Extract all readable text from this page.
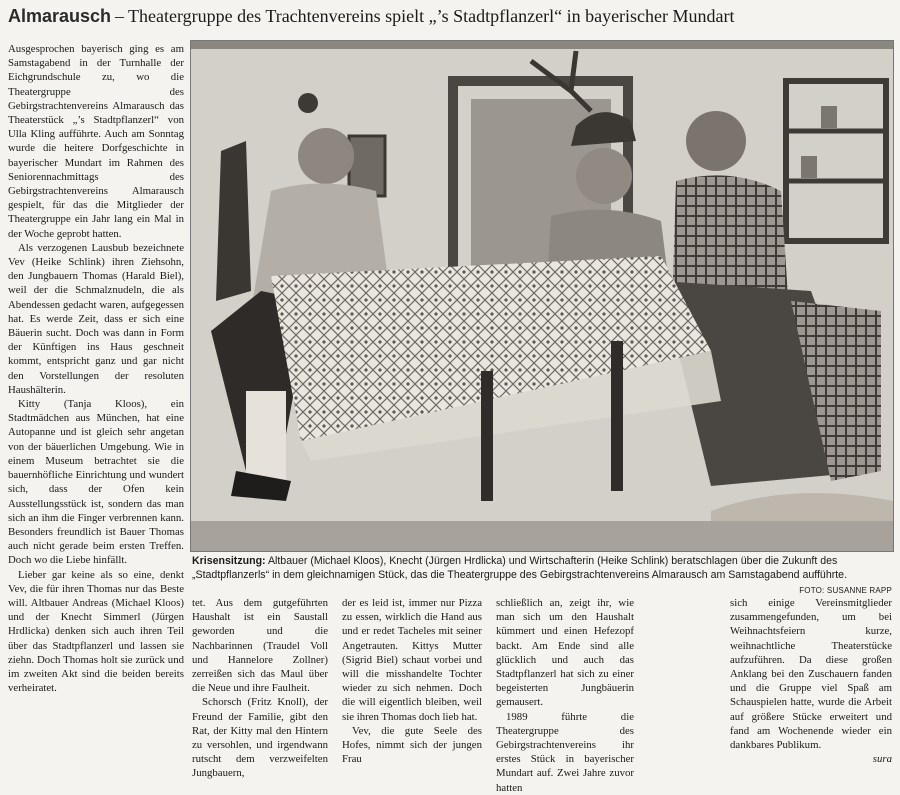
Almarausch – Theatergruppe des Trachtenvereins spielt „’s Stadtpflanzerl“ in bayerischer Mundart

Ausgesprochen bayerisch ging es am Samstagabend in der Turnhalle der Eichgrundschule zu, wo die Theatergruppe des Gebirgstrachtenvereins Almarausch das Theaterstück „’s Stadtpflanzerl“ von Ulla Kling aufführte. Auch am Sonntag wurde die heitere Dorfgeschichte in bayerischer Mundart im Rahmen des Seniorennachmittags des Gebirgstrachtenvereins Almarausch gespielt, für das die Mitglieder der Theatergruppe ein Jahr lang ein Mal in der Woche geprobt hatten.

Als verzogenen Lausbub bezeichnete Vev (Heike Schlink) ihren Ziehsohn, den Jungbauern Thomas (Harald Biel), weil der die Schmalznudeln, die als Abendessen gedacht waren, aufgegessen hat. Es werde Zeit, dass er sich eine Bäuerin sucht. Doch was dann in Form der Künftigen ins Haus geschneit kommt, entspricht ganz und gar nicht den Vorstellungen der resoluten Haushälterin.

Kitty (Tanja Kloos), ein Stadtmädchen aus München, hat eine Autopanne und ist gleich sehr angetan von der bäuerlichen Umgebung. Wie in einem Museum betrachtet sie die bauernhöfliche Einrichtung und wundert sich, dass der Ofen kein Ausstellungsstück ist, sondern das man sich an ihm die Finger verbrennen kann. Besonders freundlich ist Bauer Thomas auch nicht gerade beim ersten Treffen. Doch wo die Liebe hinfällt.

Lieber gar keine als so eine, denkt Vev, die für ihren Thomas nur das Beste will. Altbauer Andreas (Michael Kloos) und der Knecht Simmerl (Jürgen Hrdlicka) denken sich auch ihren Teil über das Stadtpflanzerl und lassen sie ziehn. Doch Thomas holt sie zurück und im zweiten Akt sind die beiden bereits verheiratet.

Krisensitzung: Altbauer (Michael Kloos), Knecht (Jürgen Hrdlicka) und Wirtschafterin (Heike Schlink) beratschlagen über die Zukunft des „Stadtpflanzerls“ in dem gleichnamigen Stück, das die Theatergruppe des Gebirgstrachtenvereins Almarausch am Samstagabend aufführte.
FOTO: SUSANNE RAPP

tet. Aus dem gutgeführten Haushalt ist ein Saustall geworden und die Nachbarinnen (Traudel Voll und Hannelore Zollner) zerreißen sich das Maul über die Neue und ihre Faulheit.

Schorsch (Fritz Knoll), der Freund der Familie, gibt den Rat, der Kitty mal den Hintern zu versohlen, und irgendwann rutscht dem verzweifelten Jungbauern,

der es leid ist, immer nur Pizza zu essen, wirklich die Hand aus und er redet Tacheles mit seiner Angetrauten. Kittys Mutter (Sigrid Biel) schaut vorbei und will die misshandelte Tochter wieder zu sich nehmen. Doch die will eigentlich bleiben, weil sie ihren Thomas doch lieb hat.

Vev, die gute Seele des Hofes, nimmt sich der jungen Frau

schließlich an, zeigt ihr, wie man sich um den Haushalt kümmert und einen Hefezopf backt. Am Ende sind alle glücklich und auch das Stadtpflanzerl hat sich zu einer begeisterten Jungbäuerin gemausert.

1989 führte die Theatergruppe des Gebirgstrachtenvereins ihr erstes Stück in bayerischer Mundart auf. Zwei Jahre zuvor hatten

sich einige Vereinsmitglieder zusammengefunden, um bei Weihnachtsfeiern kurze, weihnachtliche Theaterstücke aufzuführen. Da diese großen Anklang bei den Zuschauern fanden und die Gruppe viel Spaß am Schauspielen hatte, wurde die Arbeit auf größere Stücke erweitert und fand am Wochenende wieder ein dankbares Publikum.

sura
